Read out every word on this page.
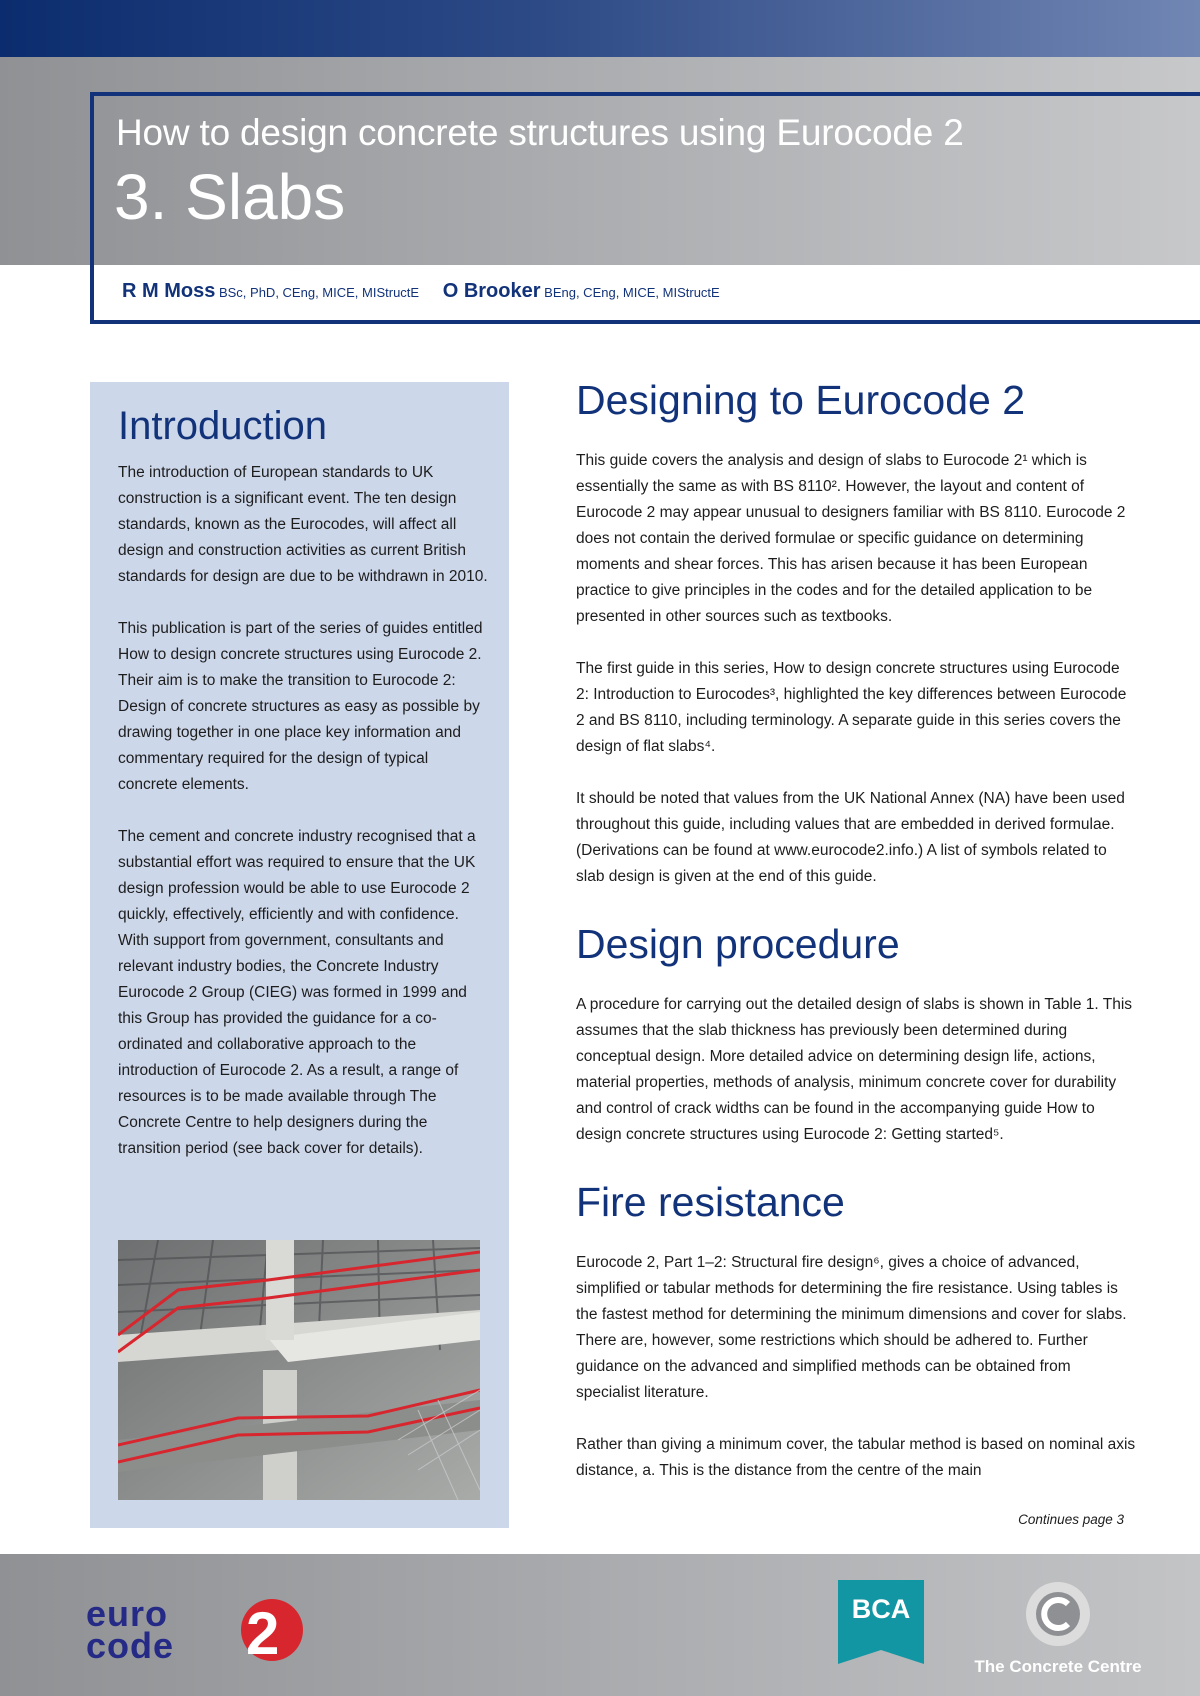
How to design concrete structures using Eurocode 2
3. Slabs
R M Moss BSc, PhD, CEng, MICE, MIStructE O Brooker BEng, CEng, MICE, MIStructE
Introduction

The introduction of European standards to UK construction is a significant event. The ten design standards, known as the Eurocodes, will affect all design and construction activities as current British standards for design are due to be withdrawn in 2010.

This publication is part of the series of guides entitled How to design concrete structures using Eurocode 2. Their aim is to make the transition to Eurocode 2: Design of concrete structures as easy as possible by drawing together in one place key information and commentary required for the design of typical concrete elements.

The cement and concrete industry recognised that a substantial effort was required to ensure that the UK design profession would be able to use Eurocode 2 quickly, effectively, efficiently and with confidence. With support from government, consultants and relevant industry bodies, the Concrete Industry Eurocode 2 Group (CIEG) was formed in 1999 and this Group has provided the guidance for a co-ordinated and collaborative approach to the introduction of Eurocode 2. As a result, a range of resources is to be made available through The Concrete Centre to help designers during the transition period (see back cover for details).

Designing to Eurocode 2

This guide covers the analysis and design of slabs to Eurocode 2¹ which is essentially the same as with BS 8110². However, the layout and content of Eurocode 2 may appear unusual to designers familiar with BS 8110. Eurocode 2 does not contain the derived formulae or specific guidance on determining moments and shear forces. This has arisen because it has been European practice to give principles in the codes and for the detailed application to be presented in other sources such as textbooks.

The first guide in this series, How to design concrete structures using Eurocode 2: Introduction to Eurocodes³, highlighted the key differences between Eurocode 2 and BS 8110, including terminology. A separate guide in this series covers the design of flat slabs⁴.

It should be noted that values from the UK National Annex (NA) have been used throughout this guide, including values that are embedded in derived formulae. (Derivations can be found at www.eurocode2.info.) A list of symbols related to slab design is given at the end of this guide.

Design procedure

A procedure for carrying out the detailed design of slabs is shown in Table 1. This assumes that the slab thickness has previously been determined during conceptual design. More detailed advice on determining design life, actions, material properties, methods of analysis, minimum concrete cover for durability and control of crack widths can be found in the accompanying guide How to design concrete structures using Eurocode 2: Getting started⁵.

Fire resistance

Eurocode 2, Part 1–2: Structural fire design⁶, gives a choice of advanced, simplified or tabular methods for determining the fire resistance. Using tables is the fastest method for determining the minimum dimensions and cover for slabs. There are, however, some restrictions which should be adhered to. Further guidance on the advanced and simplified methods can be obtained from specialist literature.

Rather than giving a minimum cover, the tabular method is based on nominal axis distance, a. This is the distance from the centre of the main

Continues page 3
2
euro
code
BCA
The Concrete Centre
